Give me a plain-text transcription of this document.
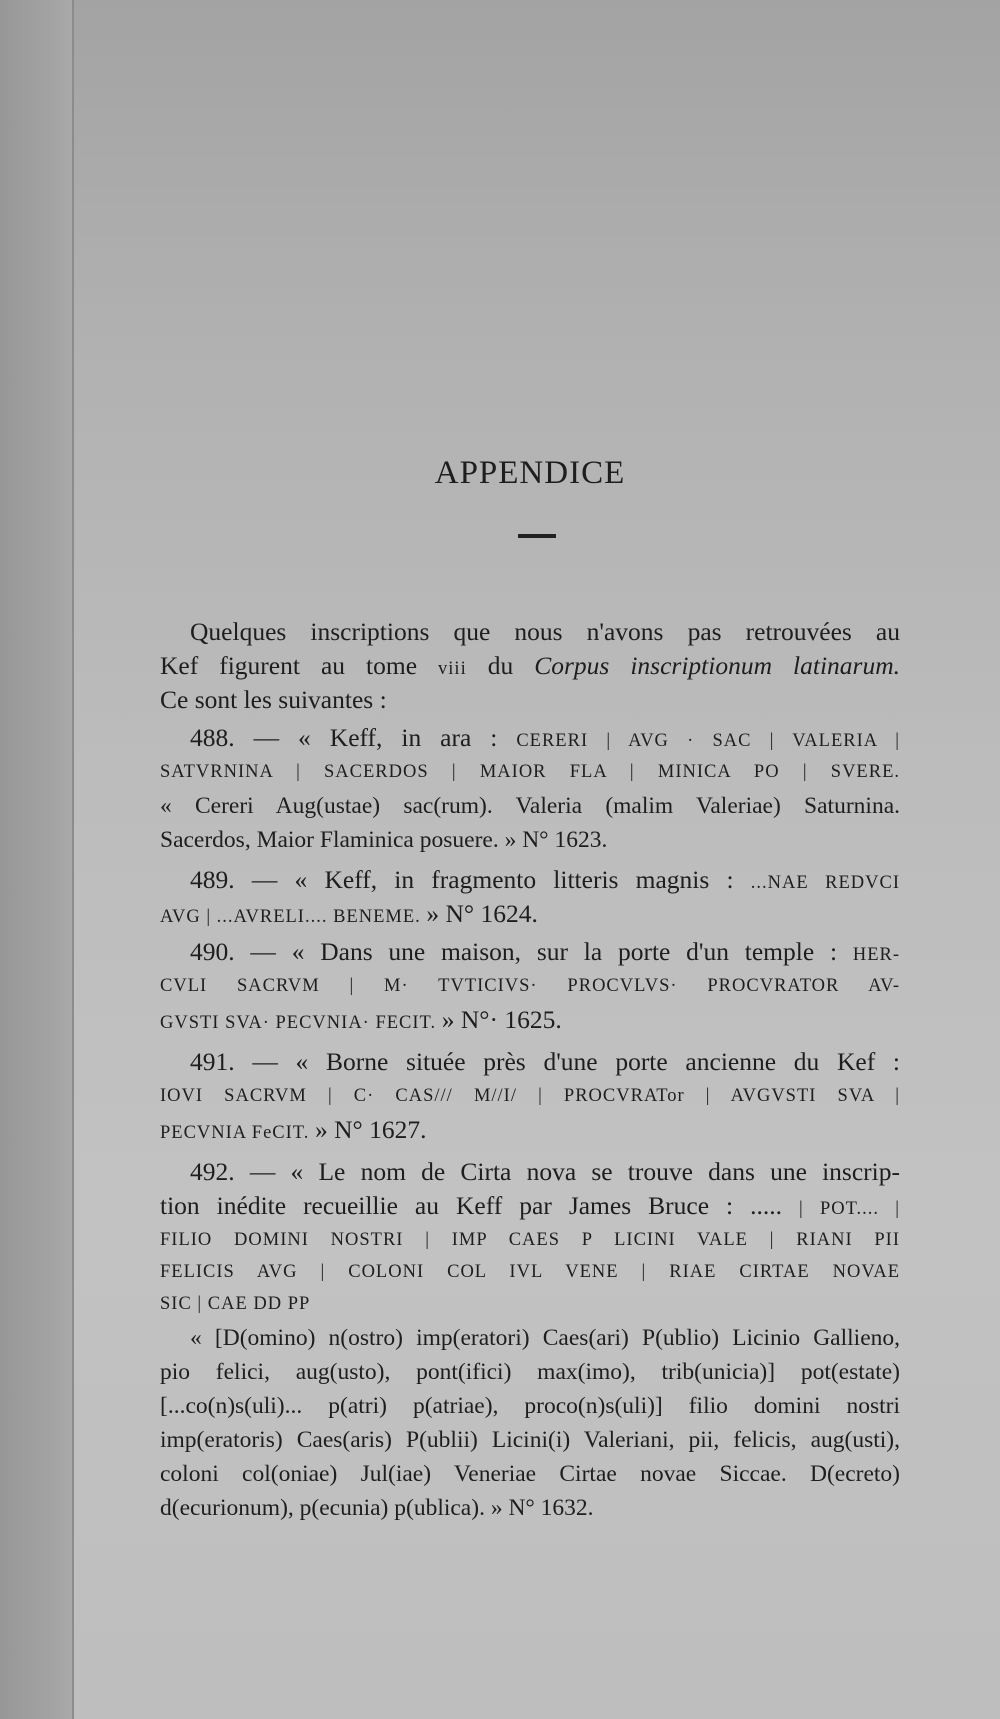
APPENDICE
Quelques inscriptions que nous n'avons pas retrouvées au
Kef figurent au tome viii du Corpus inscriptionum latinarum.
Ce sont les suivantes :
488. — « Keff, in ara : CERERI | AVG · SAC | VALERIA |
SATVRNINA | SACERDOS | MAIOR FLA | MINICA PO | SVERE.
« Cereri Aug(ustae) sac(rum). Valeria (malim Valeriae) Saturnina.
Sacerdos, Maior Flaminica posuere. » N° 1623.
489. — « Keff, in fragmento litteris magnis : ...NAE REDVCI
AVG | ...AVRELI.... BENEME. » N° 1624.
490. — « Dans une maison, sur la porte d'un temple : HER-
CVLI SACRVM | M· TVTICIVS· PROCVLVS· PROCVRATOR AV-
GVSTI SVA· PECVNIA· FECIT. » N°· 1625.
491. — « Borne située près d'une porte ancienne du Kef :
IOVI SACRVM | C· CAS/// M//I/ | PROCVRATor | AVGVSTI SVA |
PECVNIA FeCIT. » N° 1627.
492. — « Le nom de Cirta nova se trouve dans une inscrip-
tion inédite recueillie au Keff par James Bruce : ..... | POT.... |
FILIO DOMINI NOSTRI | IMP CAES P LICINI VALE | RIANI PII
FELICIS AVG | COLONI COL IVL VENE | RIAE CIRTAE NOVAE
SIC | CAE DD PP
« [D(omino) n(ostro) imp(eratori) Caes(ari) P(ublio) Licinio Gallieno,
pio felici, aug(usto), pont(ifici) max(imo), trib(unicia)] pot(estate)
[...co(n)s(uli)... p(atri) p(atriae), proco(n)s(uli)] filio domini nostri
imp(eratoris) Caes(aris) P(ublii) Licini(i) Valeriani, pii, felicis, aug(usti),
coloni col(oniae) Jul(iae) Veneriae Cirtae novae Siccae. D(ecreto)
d(ecurionum), p(ecunia) p(ublica). » N° 1632.
